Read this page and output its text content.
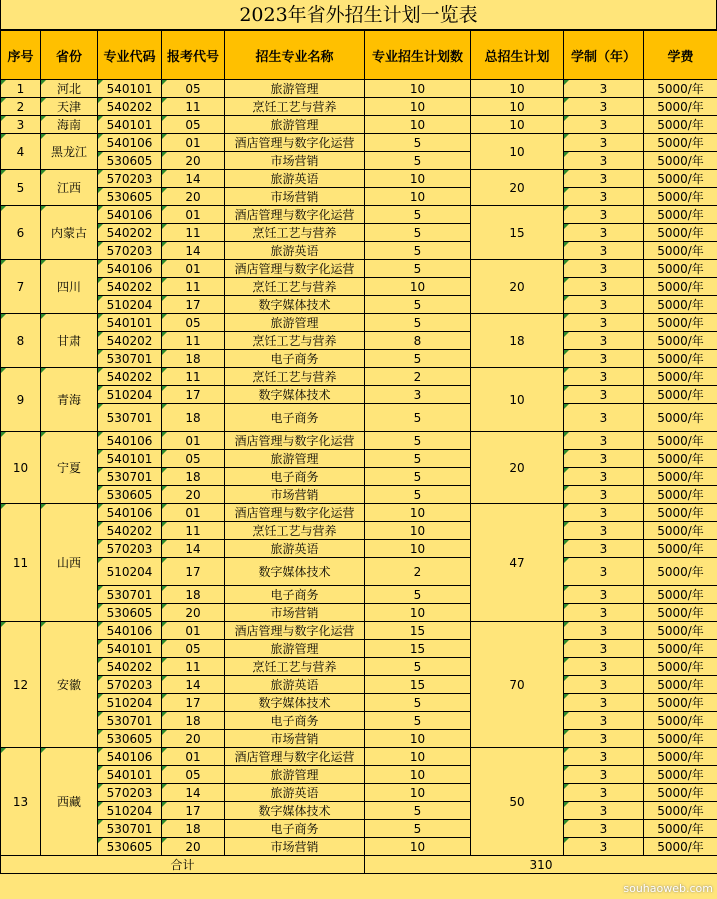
2023年省外招生计划一览表
序号	省份	专业代码	报考代号	招生专业名称	专业招生计划数	总招生计划	学制（年）	学费
1	河北	540101	05	旅游管理	10	10	3	5000/年
2	天津	540202	11	烹饪工艺与营养	10	10	3	5000/年
3	海南	540101	05	旅游管理	10	10	3	5000/年
4	黑龙江	540106	01	酒店管理与数字化运营	5	10	3	5000/年
		530605	20	市场营销	5		3	5000/年
5	江西	570203	14	旅游英语	10	20	3	5000/年
		530605	20	市场营销	10		3	5000/年
6	内蒙古	540106	01	酒店管理与数字化运营	5	15	3	5000/年
		540202	11	烹饪工艺与营养	5		3	5000/年
		570203	14	旅游英语	5		3	5000/年
7	四川	540106	01	酒店管理与数字化运营	5	20	3	5000/年
		540202	11	烹饪工艺与营养	10		3	5000/年
		510204	17	数字媒体技术	5		3	5000/年
8	甘肃	540101	05	旅游管理	5	18	3	5000/年
		540202	11	烹饪工艺与营养	8		3	5000/年
		530701	18	电子商务	5		3	5000/年
9	青海	540202	11	烹饪工艺与营养	2	10	3	5000/年
		510204	17	数字媒体技术	3		3	5000/年
		530701	18	电子商务	5		3	5000/年
10	宁夏	540106	01	酒店管理与数字化运营	5	20	3	5000/年
		540101	05	旅游管理	5		3	5000/年
		530701	18	电子商务	5		3	5000/年
		530605	20	市场营销	5		3	5000/年
11	山西	540106	01	酒店管理与数字化运营	10	47	3	5000/年
		540202	11	烹饪工艺与营养	10		3	5000/年
		570203	14	旅游英语	10		3	5000/年
		510204	17	数字媒体技术	2		3	5000/年
		530701	18	电子商务	5		3	5000/年
		530605	20	市场营销	10		3	5000/年
12	安徽	540106	01	酒店管理与数字化运营	15	70	3	5000/年
		540101	05	旅游管理	15		3	5000/年
		540202	11	烹饪工艺与营养	5		3	5000/年
		570203	14	旅游英语	15		3	5000/年
		510204	17	数字媒体技术	5		3	5000/年
		530701	18	电子商务	5		3	5000/年
		530605	20	市场营销	10		3	5000/年
13	西藏	540106	01	酒店管理与数字化运营	10	50	3	5000/年
		540101	05	旅游管理	10		3	5000/年
		570203	14	旅游英语	10		3	5000/年
		510204	17	数字媒体技术	5		3	5000/年
		530701	18	电子商务	5		3	5000/年
		530605	20	市场营销	10		3	5000/年
合计					310			
souhaoweb.com
